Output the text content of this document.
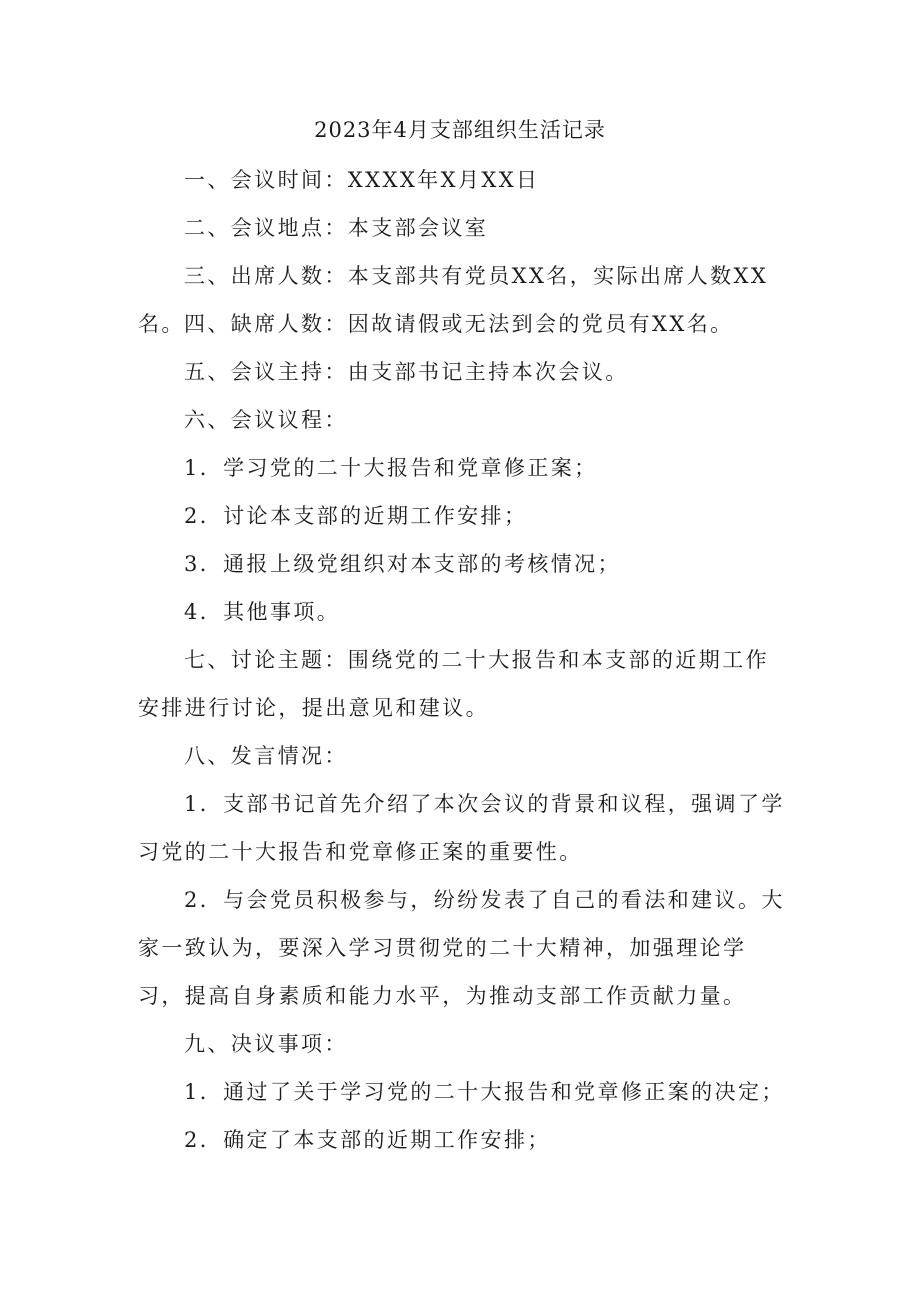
2023年4月支部组织生活记录

一、会议时间：XXXX年X月XX日

二、会议地点：本支部会议室

三、出席人数：本支部共有党员XX名，实际出席人数XX名。 四、缺席人数：因故请假或无法到会的党员有XX名。

五、会议主持：由支部书记主持本次会议。

六、会议议程：

1．学习党的二十大报告和党章修正案；

2．讨论本支部的近期工作安排；

3．通报上级党组织对本支部的考核情况；

4．其他事项。

七、讨论主题：围绕党的二十大报告和本支部的近期工作安排进行讨论，提出意见和建议。

八、发言情况：

1．支部书记首先介绍了本次会议的背景和议程，强调了学习党的二十大报告和党章修正案的重要性。

2．与会党员积极参与，纷纷发表了自己的看法和建议。大家一致认为，要深入学习贯彻党的二十大精神，加强理论学习，提高自身素质和能力水平，为推动支部工作贡献力量。

九、决议事项：

1．通过了关于学习党的二十大报告和党章修正案的决定；

2．确定了本支部的近期工作安排；
